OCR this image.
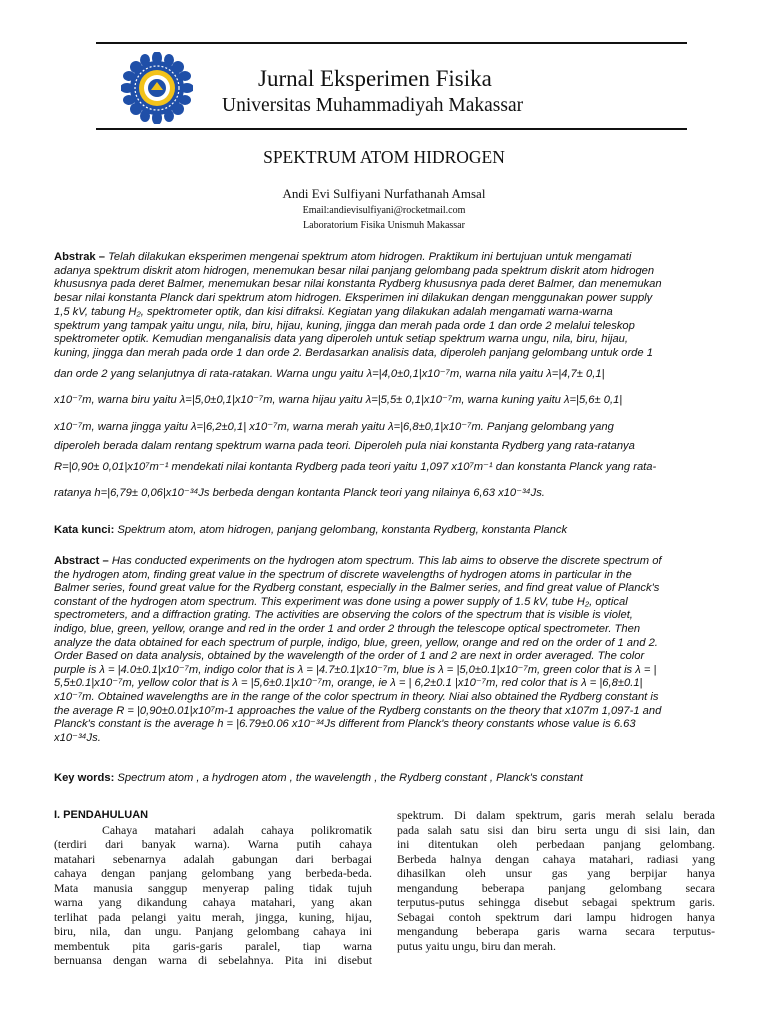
Jurnal Eksperimen Fisika
Universitas Muhammadiyah Makassar
SPEKTRUM ATOM HIDROGEN
Andi Evi Sulfiyani Nurfathanah Amsal
Email:andievisulfiyani@rocketmail.com
Laboratorium Fisika Unismuh Makassar
Abstrak – Telah dilakukan eksperimen mengenai spektrum atom hidrogen. Praktikum ini bertujuan untuk mengamati
adanya spektrum diskrit atom hidrogen, menemukan besar nilai panjang gelombang pada spektrum diskrit atom hidrogen
khususnya pada deret Balmer, menemukan besar nilai konstanta Rydberg khususnya pada deret Balmer, dan menemukan
besar nilai konstanta Planck dari spektrum atom hidrogen. Eksperimen ini dilakukan dengan menggunakan power supply
1,5 kV, tabung H₂, spektrometer optik, dan kisi difraksi. Kegiatan yang dilakukan adalah mengamati warna-warna
spektrum yang tampak yaitu ungu, nila, biru, hijau, kuning, jingga dan merah pada orde 1 dan orde 2 melalui teleskop
spektrometer optik. Kemudian menganalisis data yang diperoleh untuk setiap spektrum warna ungu, nila, biru, hijau,
kuning, jingga dan merah pada orde 1 dan orde 2. Berdasarkan analisis data, diperoleh panjang gelombang untuk orde 1
dan orde 2 yang selanjutnya di rata-ratakan. Warna ungu yaitu λ=|4,0±0,1|x10⁻⁷m, warna nila yaitu λ=|4,7± 0,1|
x10⁻⁷m, warna biru yaitu λ=|5,0±0,1|x10⁻⁷m, warna hijau yaitu λ=|5,5± 0,1|x10⁻⁷m, warna kuning yaitu λ=|5,6± 0,1|
x10⁻⁷m, warna jingga yaitu λ=|6,2±0,1| x10⁻⁷m, warna merah yaitu λ=|6,8±0,1|x10⁻⁷m. Panjang gelombang yang
diperoleh berada dalam rentang spektrum warna pada teori. Diperoleh pula niai konstanta Rydberg yang rata-ratanya
R=|0,90± 0,01|x10⁷m⁻¹ mendekati nilai kontanta Rydberg pada teori yaitu 1,097 x10⁷m⁻¹ dan konstanta Planck yang rata-
ratanya h=|6,79± 0,06|x10⁻³⁴Js berbeda dengan kontanta Planck teori yang nilainya 6,63 x10⁻³⁴Js.
Kata kunci: Spektrum atom, atom hidrogen, panjang gelombang, konstanta Rydberg, konstanta Planck
Abstract – Has conducted experiments on the hydrogen atom spectrum. This lab aims to observe the discrete spectrum of
the hydrogen atom, finding great value in the spectrum of discrete wavelengths of hydrogen atoms in particular in the
Balmer series, found great value for the Rydberg constant, especially in the Balmer series, and find great value of Planck's
constant of the hydrogen atom spectrum. This experiment was done using a power supply of 1.5 kV, tube H₂, optical
spectrometers, and a diffraction grating. The activities are observing the colors of the spectrum that is visible is violet,
indigo, blue, green, yellow, orange and red in the order 1 and order 2 through the telescope optical spectrometer. Then
analyze the data obtained for each spectrum of purple, indigo, blue, green, yellow, orange and red on the order of 1 and 2.
Order Based on data analysis, obtained by the wavelength of the order of 1 and 2 are next in order averaged. The color
purple is λ = |4.0±0.1|x10⁻⁷m, indigo color that is λ = |4.7±0.1|x10⁻⁷m, blue is λ = |5,0±0.1|x10⁻⁷m, green color that is λ = |
5,5±0.1|x10⁻⁷m, yellow color that is λ = |5,6±0.1|x10⁻⁷m, orange, ie λ = | 6,2±0.1 |x10⁻⁷m, red color that is λ = |6,8±0.1|
x10⁻⁷m. Obtained wavelengths are in the range of the color spectrum in theory. Niai also obtained the Rydberg constant is
the average R = |0,90±0.01|x10⁷m-1 approaches the value of the Rydberg constants on the theory that x107m 1,097-1 and
Planck's constant is the average h = |6.79±0.06 x10⁻³⁴Js different from Planck's theory constants whose value is 6.63
x10⁻³⁴Js.
Key words: Spectrum atom , a hydrogen atom , the wavelength , the Rydberg constant , Planck's constant
I. PENDAHULUAN
Cahaya matahari adalah cahaya polikromatik
(terdiri dari banyak warna). Warna putih cahaya
matahari sebenarnya adalah gabungan dari berbagai
cahaya dengan panjang gelombang yang berbeda-beda.
Mata manusia sanggup menyerap paling tidak tujuh
warna yang dikandung cahaya matahari, yang akan
terlihat pada pelangi yaitu merah, jingga, kuning, hijau,
biru, nila, dan ungu. Panjang gelombang cahaya ini
membentuk pita garis-garis paralel, tiap warna
bernuansa dengan warna di sebelahnya. Pita ini disebut
spektrum. Di dalam spektrum, garis merah selalu berada
pada salah satu sisi dan biru serta ungu di sisi lain, dan
ini ditentukan oleh perbedaan panjang gelombang.
Berbeda halnya dengan cahaya matahari, radiasi yang
dihasilkan oleh unsur gas yang berpijar hanya
mengandung beberapa panjang gelombang secara
terputus-putus sehingga disebut sebagai spektrum garis.
Sebagai contoh spektrum dari lampu hidrogen hanya
mengandung beberapa garis warna secara terputus-
putus yaitu ungu, biru dan merah.
